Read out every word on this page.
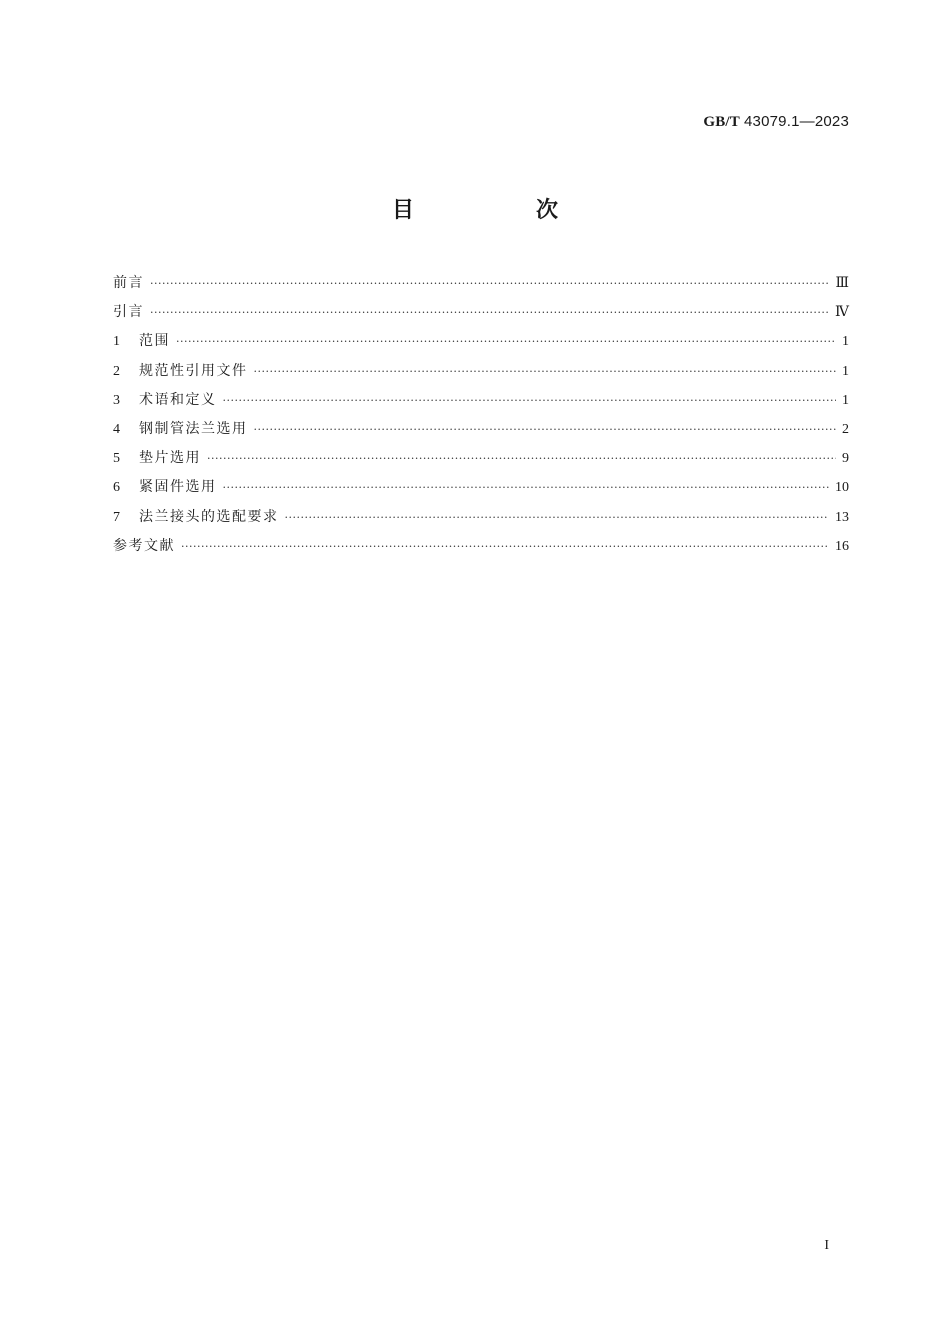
GB/T 43079.1—2023
目　次
前言 ·····	Ⅲ
引言 ·····	Ⅳ
1	范围 ·····	1
2	规范性引用文件 ·····	1
3	术语和定义 ·····	1
4	钢制管法兰选用 ·····	2
5	垫片选用 ·····	9
6	紧固件选用 ·····	10
7	法兰接头的选配要求 ·····	13
参考文献 ·····	16
I
